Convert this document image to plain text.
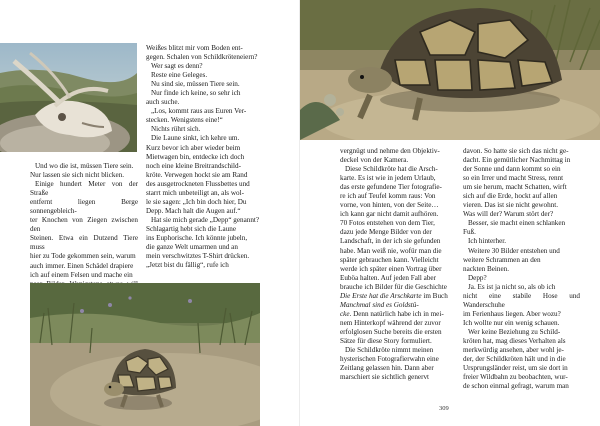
Weißes blitzt mir vom Boden ent-

gegen. Schalen von Schildkröteneiern?

Wer sagt es denn?

Reste eine Geleges.

Nu sind sie, müssen Tiere sein.

Nur finde ich keine, so sehr ich

auch suche.

„Los, kommt raus aus Euren Ver-

stecken. Wenigstens eine!“

Nichts rührt sich.

Die Laune sinkt, ich kehre um.

Kurz bevor ich aber wieder beim

Mietwagen bin, entdecke ich doch

noch eine kleine Breitrandschild-

kröte. Verwegen hockt sie am Rand

des ausgetrockneten Flussbettes und

starrt mich unbeteiligt an, als wol-

le sie sagen: „Ich bin doch hier, Du

Depp. Mach halt die Augen auf.“

Hat sie mich gerade „Depp“ genannt?

Schlagartig hebt sich die Laune

ins Euphorische. Ich könnte jubeln,

die ganze Welt umarmen und an

mein verschwitztes T-Shirt drücken.

„Jetzt bist du fällig“, rufe ich

Und wo die ist, müssen Tiere sein.

Nur lassen sie sich nicht blicken.

Einige hundert Meter von der Straße

entfernt liegen Berge sonnengebleich-

ter Knochen von Ziegen zwischen den

Steinen. Etwa ein Dutzend Tiere muss

hier zu Tode gekommen sein, warum

auch immer. Einen Schädel drapiere

ich auf einem Felsen und mache ein

vergnügt und nehme den Objektiv-

deckel von der Kamera.

Diese Schildkröte hat die Arsch-

karte. Es ist wie in jedem Urlaub,

das erste gefundene Tier fotografie-

re ich auf Teufel komm raus: Von

vorne, von hinten, von der Seite…

ich kann gar nicht damit aufhören.

70 Fotos entstehen von dem Tier,

dazu jede Menge Bilder von der

Landschaft, in der ich sie gefunden

habe. Man weiß nie, wofür man die

später gebrauchen kann. Vielleicht

werde ich später einen Vortrag über

Euböa halten. Auf jeden Fall aber

brauche ich Bilder für die Geschichte

Die Erste hat die Arschkarte im Buch

Manchmal sind es Goldstü-

cke. Denn natürlich habe ich in mei-

nem Hinterkopf während der zuvor

erfolglosen Suche bereits die ersten

Sätze für diese Story formuliert.

Die Schildkröte nimmt meinen

hysterischen Fotografierwahn eine

Zeitlang gelassen hin. Dann aber

marschiert sie sichtlich genervt

davon. So hatte sie sich das nicht ge-

dacht. Ein gemütlicher Nachmittag in

der Sonne und dann kommt so ein

so ein Irrer und macht Stress, rennt

um sie herum, macht Schatten, wirft

sich auf die Erde, hockt auf allen

vieren. Das ist sie nicht gewohnt.

Was will der? Warum stört der?

Besser, sie macht einen schlanken

Fuß.

Ich hinterher.

Weitere 30 Bilder entstehen und

weitere Schrammen an den

nackten Beinen.

Depp?

Ja. Es ist ja nicht so, als ob ich

nicht eine stabile Hose und Wanderschuhe

im Ferienhaus liegen. Aber wozu?

Ich wollte nur ein wenig schauen.

Wer keine Beziehung zu Schild-

kröten hat, mag dieses Verhalten als

merkwürdig ansehen, aber wohl je-

der, der Schildkröten hält und in die

Ursprungsländer reist, um sie dort in

freier Wildbahn zu beobachten, wur-

de schon einmal gefragt, warum man

309
